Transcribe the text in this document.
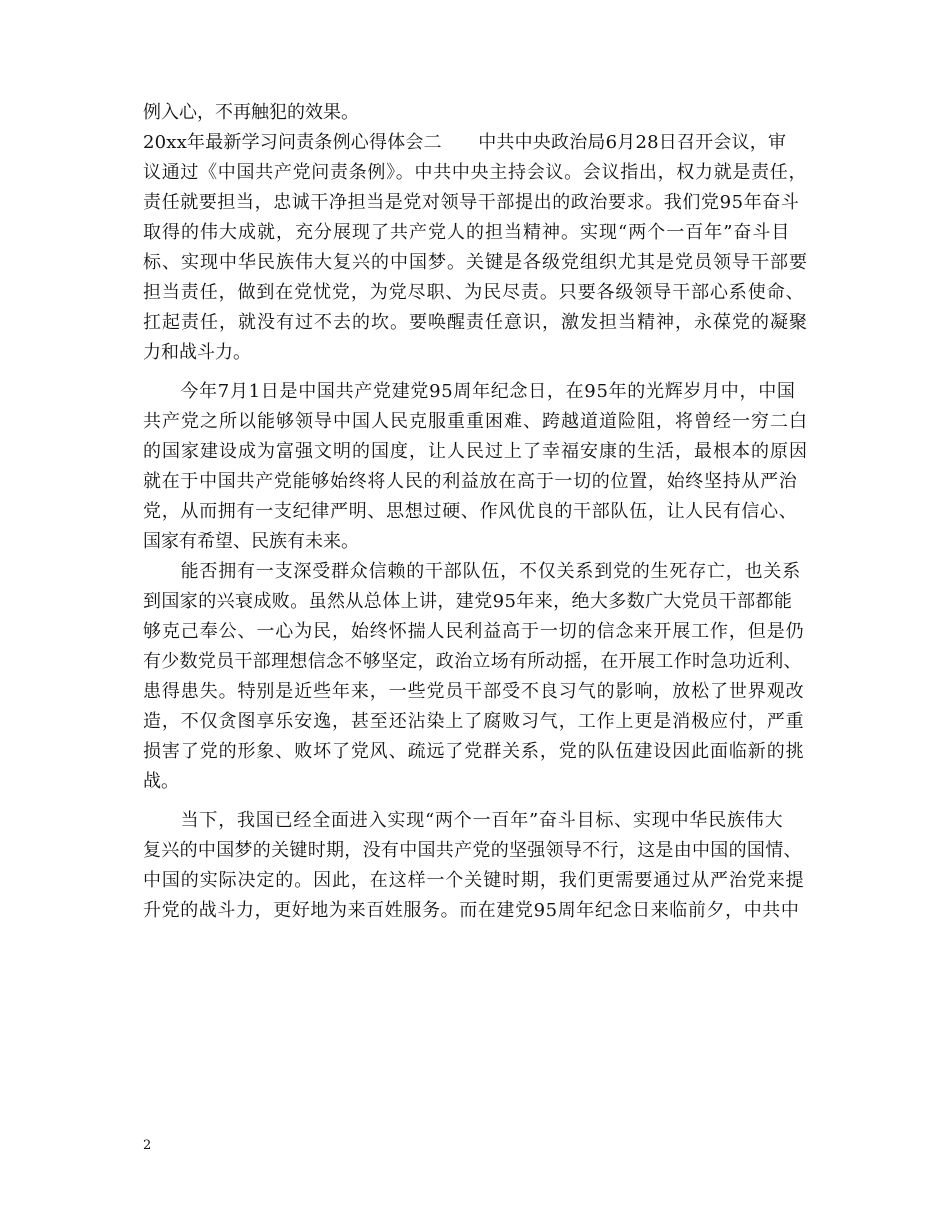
例入心，不再触犯的效果。
20xx年最新学习问责条例心得体会二　　中共中央政治局6月28日召开会议，审
议通过《中国共产党问责条例》。中共中央主持会议。会议指出，权力就是责任，
责任就要担当，忠诚干净担当是党对领导干部提出的政治要求。我们党95年奋斗
取得的伟大成就，充分展现了共产党人的担当精神。实现“两个一百年”奋斗目
标、实现中华民族伟大复兴的中国梦。关键是各级党组织尤其是党员领导干部要
担当责任，做到在党忧党，为党尽职、为民尽责。只要各级领导干部心系使命、
扛起责任，就没有过不去的坎。要唤醒责任意识，激发担当精神，永葆党的凝聚
力和战斗力。
　　今年7月1日是中国共产党建党95周年纪念日，在95年的光辉岁月中，中国
共产党之所以能够领导中国人民克服重重困难、跨越道道险阻，将曾经一穷二白
的国家建设成为富强文明的国度，让人民过上了幸福安康的生活，最根本的原因
就在于中国共产党能够始终将人民的利益放在高于一切的位置，始终坚持从严治
党，从而拥有一支纪律严明、思想过硬、作风优良的干部队伍，让人民有信心、
国家有希望、民族有未来。
　　能否拥有一支深受群众信赖的干部队伍，不仅关系到党的生死存亡，也关系
到国家的兴衰成败。虽然从总体上讲，建党95年来，绝大多数广大党员干部都能
够克己奉公、一心为民，始终怀揣人民利益高于一切的信念来开展工作，但是仍
有少数党员干部理想信念不够坚定，政治立场有所动摇，在开展工作时急功近利、
患得患失。特别是近些年来，一些党员干部受不良习气的影响，放松了世界观改
造，不仅贪图享乐安逸，甚至还沾染上了腐败习气，工作上更是消极应付，严重
损害了党的形象、败坏了党风、疏远了党群关系，党的队伍建设因此面临新的挑
战。
　　当下，我国已经全面进入实现“两个一百年”奋斗目标、实现中华民族伟大
复兴的中国梦的关键时期，没有中国共产党的坚强领导不行，这是由中国的国情、
中国的实际决定的。因此，在这样一个关键时期，我们更需要通过从严治党来提
升党的战斗力，更好地为来百姓服务。而在建党95周年纪念日来临前夕，中共中
2
